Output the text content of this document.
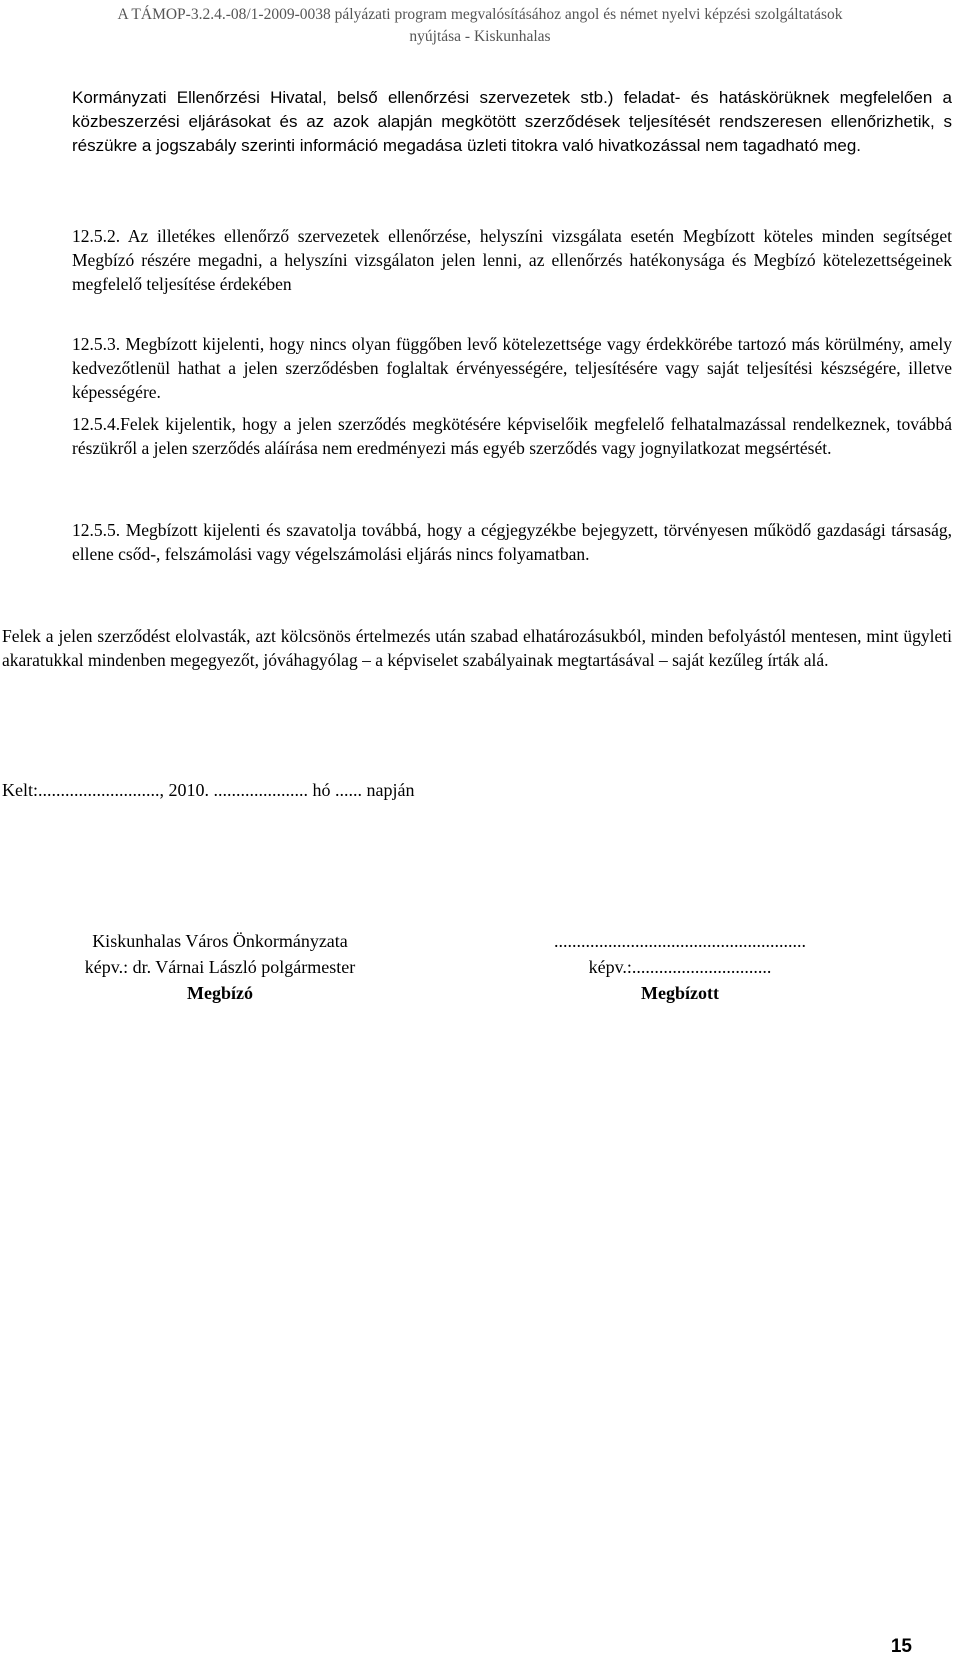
A TÁMOP-3.2.4.-08/1-2009-0038 pályázati program megvalósításához angol és német nyelvi képzési szolgáltatások
nyújtása - Kiskunhalas

Kormányzati Ellenőrzési Hivatal, belső ellenőrzési szervezetek stb.) feladat- és hatáskörüknek megfelelően a közbeszerzési eljárásokat és az azok alapján megkötött szerződések teljesítését rendszeresen ellenőrizhetik, s részükre a jogszabály szerinti információ megadása üzleti titokra való hivatkozással nem tagadható meg.

12.5.2. Az illetékes ellenőrző szervezetek ellenőrzése, helyszíni vizsgálata esetén Megbízott köteles minden segítséget Megbízó részére megadni, a helyszíni vizsgálaton jelen lenni, az ellenőrzés hatékonysága és Megbízó kötelezettségeinek megfelelő teljesítése érdekében

12.5.3. Megbízott kijelenti, hogy nincs olyan függőben levő kötelezettsége vagy érdekkörébe tartozó más körülmény, amely kedvezőtlenül hathat a jelen szerződésben foglaltak érvényességére, teljesítésére vagy saját teljesítési készségére, illetve képességére.

12.5.4.Felek kijelentik, hogy a jelen szerződés megkötésére képviselőik megfelelő felhatalmazással rendelkeznek, továbbá részükről a jelen szerződés aláírása nem eredményezi más egyéb szerződés vagy jognyilatkozat megsértését.

12.5.5. Megbízott kijelenti és szavatolja továbbá, hogy a cégjegyzékbe bejegyzett, törvényesen működő gazdasági társaság, ellene csőd-, felszámolási vagy végelszámolási eljárás nincs folyamatban.

Felek a jelen szerződést elolvasták, azt kölcsönös értelmezés után szabad elhatározásukból, minden befolyástól mentesen, mint ügyleti akaratukkal mindenben megegyezőt, jóváhagyólag – a képviselet szabályainak megtartásával – saját kezűleg írták alá.

Kelt:..........................., 2010. ..................... hó ...... napján
Kiskunhalas Város Önkormányzata
képv.: dr. Várnai László polgármester
Megbízó
........................................................
képv.:...............................
Megbízott
15
